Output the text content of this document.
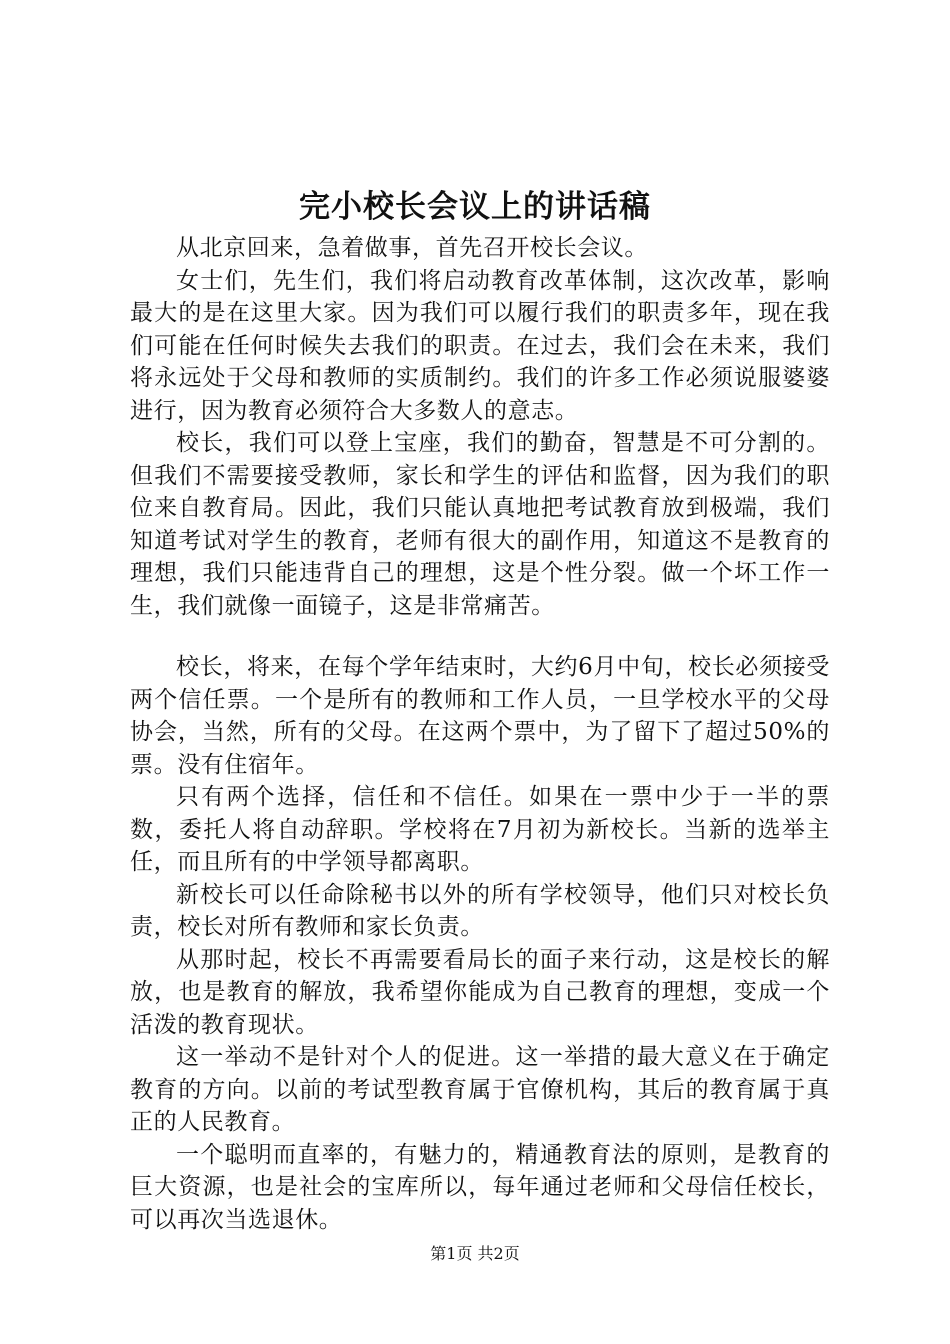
完小校长会议上的讲话稿

从北京回来，急着做事，首先召开校长会议。

女士们，先生们，我们将启动教育改革体制，这次改革，影响最大的是在这里大家。因为我们可以履行我们的职责多年，现在我们可能在任何时候失去我们的职责。在过去，我们会在未来，我们将永远处于父母和教师的实质制约。我们的许多工作必须说服婆婆进行，因为教育必须符合大多数人的意志。

校长，我们可以登上宝座，我们的勤奋，智慧是不可分割的。但我们不需要接受教师，家长和学生的评估和监督，因为我们的职位来自教育局。因此，我们只能认真地把考试教育放到极端，我们知道考试对学生的教育，老师有很大的副作用，知道这不是教育的理想，我们只能违背自己的理想，这是个性分裂。做一个坏工作一生，我们就像一面镜子，这是非常痛苦。

校长，将来，在每个学年结束时，大约6月中旬，校长必须接受两个信任票。一个是所有的教师和工作人员，一旦学校水平的父母协会，当然，所有的父母。在这两个票中，为了留下了超过50%的票。没有住宿年。

只有两个选择，信任和不信任。如果在一票中少于一半的票数，委托人将自动辞职。学校将在7月初为新校长。当新的选举主任，而且所有的中学领导都离职。

新校长可以任命除秘书以外的所有学校领导，他们只对校长负责，校长对所有教师和家长负责。

从那时起，校长不再需要看局长的面子来行动，这是校长的解放，也是教育的解放，我希望你能成为自己教育的理想，变成一个活泼的教育现状。

这一举动不是针对个人的促进。这一举措的最大意义在于确定教育的方向。以前的考试型教育属于官僚机构，其后的教育属于真正的人民教育。

一个聪明而直率的，有魅力的，精通教育法的原则，是教育的巨大资源，也是社会的宝库所以，每年通过老师和父母信任校长，可以再次当选退休。

第1页 共2页
